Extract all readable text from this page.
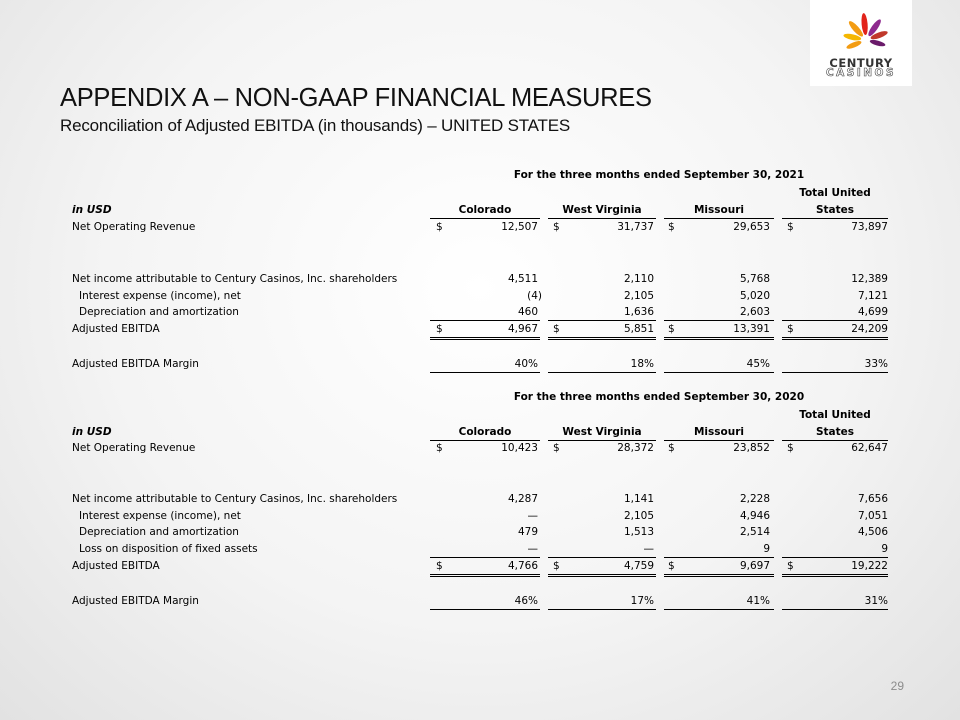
CENTURY
CASINOS
APPENDIX A – NON-GAAP FINANCIAL MEASURES
Reconciliation of Adjusted EBITDA (in thousands) – UNITED STATES
For the three months ended September 30, 2021
Total United
in USD	Colorado	West Virginia	Missouri	States
Net Operating Revenue	$	12,507 $	31,737 $	29,653 $	73,897
Net income attributable to Century Casinos, Inc. shareholders	4,511	2,110	5,768	12,389
Interest expense (income), net	(4)	2,105	5,020	7,121
Depreciation and amortization	460	1,636	2,603	4,699
Adjusted EBITDA	$	4,967 $	5,851 $	13,391 $	24,209
Adjusted EBITDA Margin	40%	18%	45%	33%
For the three months ended September 30, 2020
Total United
in USD	Colorado	West Virginia	Missouri	States
Net Operating Revenue	$	10,423 $	28,372 $	23,852 $	62,647
Net income attributable to Century Casinos, Inc. shareholders	4,287	1,141	2,228	7,656
Interest expense (income), net	—	2,105	4,946	7,051
Depreciation and amortization	479	1,513	2,514	4,506
Loss on disposition of fixed assets	—	—	9	9
Adjusted EBITDA	$	4,766 $	4,759 $	9,697 $	19,222
Adjusted EBITDA Margin	46%	17%	41%	31%
29
